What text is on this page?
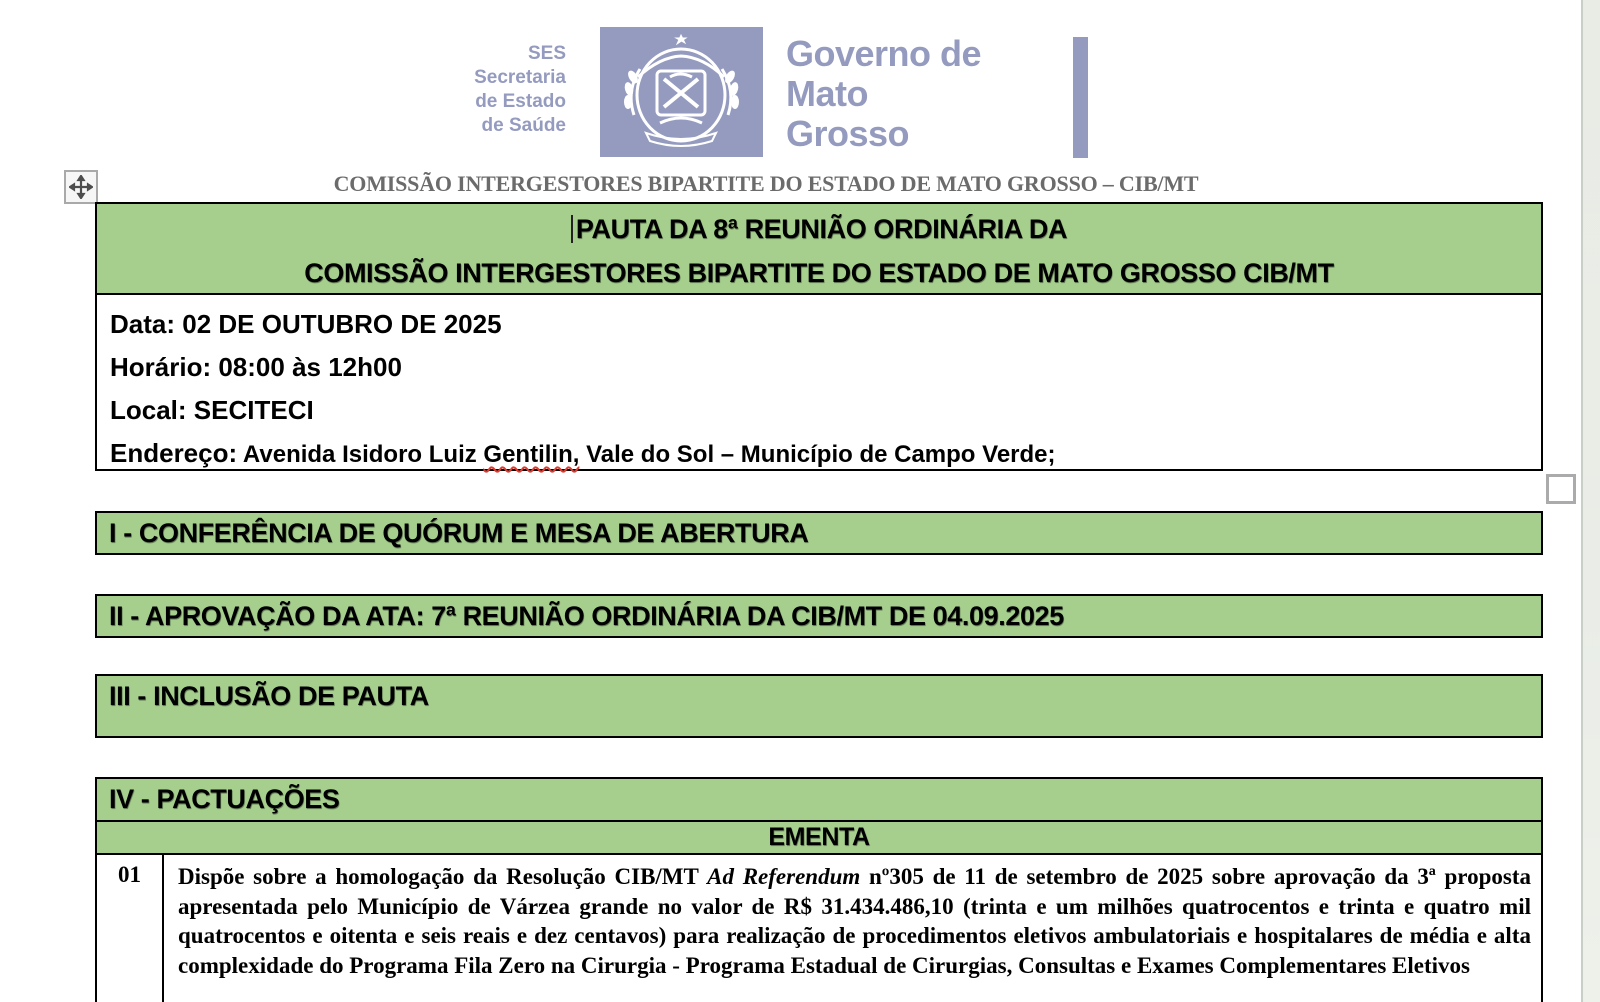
SES
Secretaria
de Estado
de Saúde
Governo de
Mato
Grosso
COMISSÃO INTERGESTORES BIPARTITE DO ESTADO DE MATO GROSSO – CIB/MT
PAUTA DA 8ª REUNIÃO ORDINÁRIA DA
COMISSÃO INTERGESTORES BIPARTITE DO ESTADO DE MATO GROSSO CIB/MT
Data: 02 DE OUTUBRO DE 2025
Horário: 08:00 às 12h00
Local: SECITECI
Endereço: Avenida Isidoro Luiz Gentilin, Vale do Sol – Município de Campo Verde;
I - CONFERÊNCIA DE QUÓRUM E MESA DE ABERTURA
II - APROVAÇÃO DA ATA: 7ª REUNIÃO ORDINÁRIA DA CIB/MT DE 04.09.2025
III - INCLUSÃO DE PAUTA
IV - PACTUAÇÕES
EMENTA
01	Dispõe sobre a homologação da Resolução CIB/MT Ad Referendum nº305 de 11 de setembro de 2025 sobre aprovação da 3ª proposta apresentada pelo Município de Várzea grande no valor de R$ 31.434.486,10 (trinta e um milhões quatrocentos e trinta e quatro mil quatrocentos e oitenta e seis reais e dez centavos) para realização de procedimentos eletivos ambulatoriais e hospitalares de média e alta complexidade do Programa Fila Zero na Cirurgia - Programa Estadual de Cirurgias, Consultas e Exames Complementares Eletivos
